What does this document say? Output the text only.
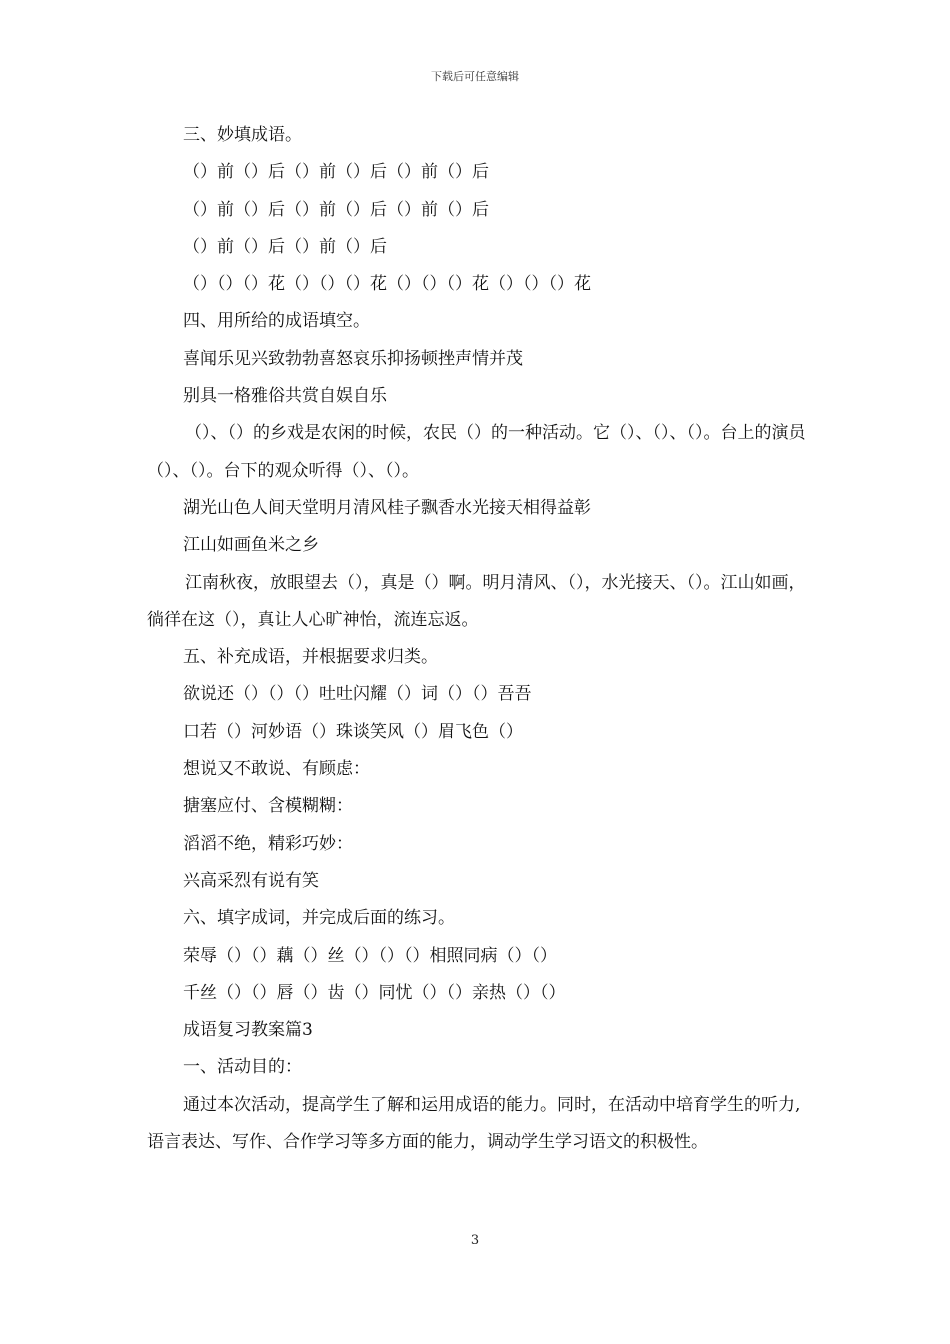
下载后可任意编辑
三、妙填成语。
（）前（）后（）前（）后（）前（）后
（）前（）后（）前（）后（）前（）后
（）前（）后（）前（）后
（）（）（）花（）（）（）花（）（）（）花（）（）（）花
四、用所给的成语填空。
喜闻乐见兴致勃勃喜怒哀乐抑扬顿挫声情并茂
别具一格雅俗共赏自娱自乐
（）、（）的乡戏是农闲的时候，农民（）的一种活动。它（）、（）、（）。台上的演员（）、（）。台下的观众听得（）、（）。
湖光山色人间天堂明月清风桂子飘香水光接天相得益彰
江山如画鱼米之乡
江南秋夜，放眼望去（），真是（）啊。明月清风、（），水光接天、（）。江山如画，徜徉在这（），真让人心旷神怡，流连忘返。
五、补充成语，并根据要求归类。
欲说还（）（）（）吐吐闪耀（）词（）（）吾吾
口若（）河妙语（）珠谈笑风（）眉飞色（）
想说又不敢说、有顾虑：
搪塞应付、含模糊糊：
滔滔不绝，精彩巧妙：
兴高采烈有说有笑
六、填字成词，并完成后面的练习。
荣辱（）（）藕（）丝（）（）（）相照同病（）（）
千丝（）（）唇（）齿（）同忧（）（）亲热（）（）
成语复习教案篇3
一、活动目的：
通过本次活动，提高学生了解和运用成语的能力。同时，在活动中培育学生的听力,语言表达、写作、合作学习等多方面的能力，调动学生学习语文的积极性。
3
